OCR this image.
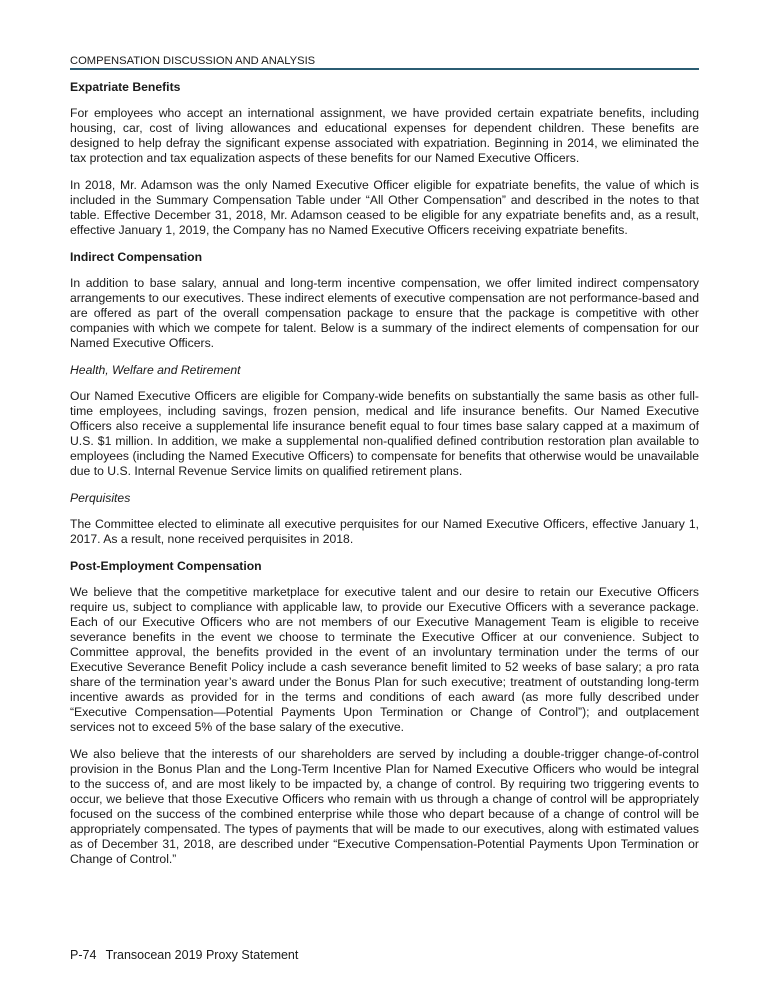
COMPENSATION DISCUSSION AND ANALYSIS
Expatriate Benefits

For employees who accept an international assignment, we have provided certain expatriate benefits, including housing, car, cost of living allowances and educational expenses for dependent children. These benefits are designed to help defray the significant expense associated with expatriation. Beginning in 2014, we eliminated the tax protection and tax equalization aspects of these benefits for our Named Executive Officers.

In 2018, Mr. Adamson was the only Named Executive Officer eligible for expatriate benefits, the value of which is included in the Summary Compensation Table under “All Other Compensation” and described in the notes to that table. Effective December 31, 2018, Mr. Adamson ceased to be eligible for any expatriate benefits and, as a result, effective January 1, 2019, the Company has no Named Executive Officers receiving expatriate benefits.

Indirect Compensation

In addition to base salary, annual and long-term incentive compensation, we offer limited indirect compensatory arrangements to our executives. These indirect elements of executive compensation are not performance-based and are offered as part of the overall compensation package to ensure that the package is competitive with other companies with which we compete for talent. Below is a summary of the indirect elements of compensation for our Named Executive Officers.

Health, Welfare and Retirement

Our Named Executive Officers are eligible for Company-wide benefits on substantially the same basis as other full-time employees, including savings, frozen pension, medical and life insurance benefits. Our Named Executive Officers also receive a supplemental life insurance benefit equal to four times base salary capped at a maximum of U.S. $1 million. In addition, we make a supplemental non-qualified defined contribution restoration plan available to employees (including the Named Executive Officers) to compensate for benefits that otherwise would be unavailable due to U.S. Internal Revenue Service limits on qualified retirement plans.

Perquisites

The Committee elected to eliminate all executive perquisites for our Named Executive Officers, effective January 1, 2017. As a result, none received perquisites in 2018.

Post-Employment Compensation

We believe that the competitive marketplace for executive talent and our desire to retain our Executive Officers require us, subject to compliance with applicable law, to provide our Executive Officers with a severance package. Each of our Executive Officers who are not members of our Executive Management Team is eligible to receive severance benefits in the event we choose to terminate the Executive Officer at our convenience. Subject to Committee approval, the benefits provided in the event of an involuntary termination under the terms of our Executive Severance Benefit Policy include a cash severance benefit limited to 52 weeks of base salary; a pro rata share of the termination year’s award under the Bonus Plan for such executive; treatment of outstanding long-term incentive awards as provided for in the terms and conditions of each award (as more fully described under “Executive Compensation—Potential Payments Upon Termination or Change of Control”); and outplacement services not to exceed 5% of the base salary of the executive.

We also believe that the interests of our shareholders are served by including a double-trigger change-of-control provision in the Bonus Plan and the Long-Term Incentive Plan for Named Executive Officers who would be integral to the success of, and are most likely to be impacted by, a change of control. By requiring two triggering events to occur, we believe that those Executive Officers who remain with us through a change of control will be appropriately focused on the success of the combined enterprise while those who depart because of a change of control will be appropriately compensated. The types of payments that will be made to our executives, along with estimated values as of December 31, 2018, are described under “Executive Compensation-Potential Payments Upon Termination or Change of Control.”

P-74 Transocean 2019 Proxy Statement
